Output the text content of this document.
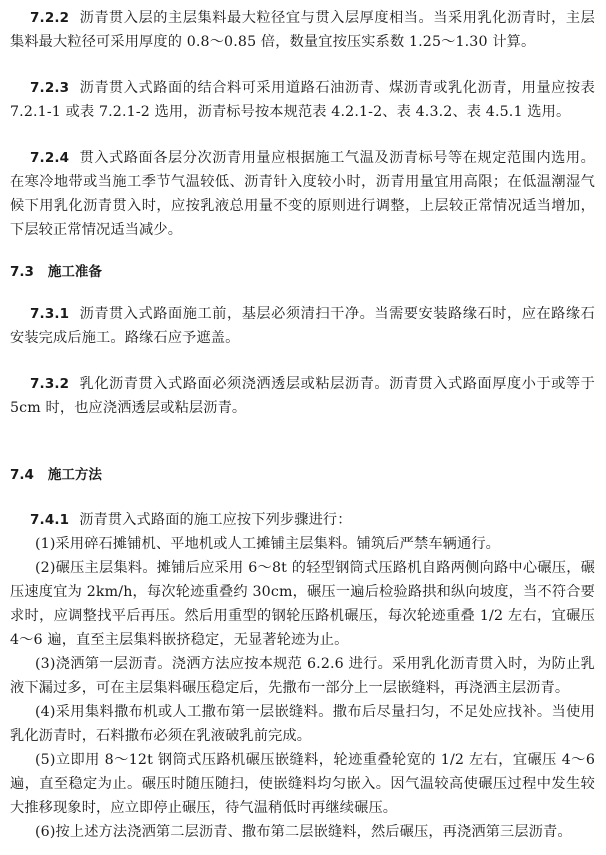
7.2.2 沥青贯入层的主层集料最大粒径宜与贯入层厚度相当。当采用乳化沥青时，主层集料最大粒径可采用厚度的 0.8～0.85 倍，数量宜按压实系数 1.25～1.30 计算。
7.2.3 沥青贯入式路面的结合料可采用道路石油沥青、煤沥青或乳化沥青，用量应按表 7.2.1-1 或表 7.2.1-2 选用，沥青标号按本规范表 4.2.1-2、表 4.3.2、表 4.5.1 选用。
7.2.4 贯入式路面各层分次沥青用量应根据施工气温及沥青标号等在规定范围内选用。在寒冷地带或当施工季节气温较低、沥青针入度较小时，沥青用量宜用高限；在低温潮湿气候下用乳化沥青贯入时，应按乳液总用量不变的原则进行调整，上层较正常情况适当增加，下层较正常情况适当减少。
7.3 施工准备
7.3.1 沥青贯入式路面施工前，基层必须清扫干净。当需要安装路缘石时，应在路缘石安装完成后施工。路缘石应予遮盖。
7.3.2 乳化沥青贯入式路面必须浇洒透层或粘层沥青。沥青贯入式路面厚度小于或等于 5cm 时，也应浇洒透层或粘层沥青。
7.4 施工方法
7.4.1 沥青贯入式路面的施工应按下列步骤进行：
(1)采用碎石摊铺机、平地机或人工摊铺主层集料。铺筑后严禁车辆通行。
(2)碾压主层集料。摊铺后应采用 6～8t 的轻型钢筒式压路机自路两侧向路中心碾压，碾压速度宜为 2km/h，每次轮迹重叠约 30cm，碾压一遍后检验路拱和纵向坡度，当不符合要求时，应调整找平后再压。然后用重型的钢轮压路机碾压，每次轮迹重叠 1/2 左右，宜碾压 4～6 遍，直至主层集料嵌挤稳定，无显著轮迹为止。
(3)浇洒第一层沥青。浇洒方法应按本规范 6.2.6 进行。采用乳化沥青贯入时，为防止乳液下漏过多，可在主层集料碾压稳定后，先撒布一部分上一层嵌缝料，再浇洒主层沥青。
(4)采用集料撒布机或人工撒布第一层嵌缝料。撒布后尽量扫匀，不足处应找补。当使用乳化沥青时，石料撒布必须在乳液破乳前完成。
(5)立即用 8～12t 钢筒式压路机碾压嵌缝料，轮迹重叠轮宽的 1/2 左右，宜碾压 4～6 遍，直至稳定为止。碾压时随压随扫，使嵌缝料均匀嵌入。因气温较高使碾压过程中发生较大推移现象时，应立即停止碾压，待气温稍低时再继续碾压。
(6)按上述方法浇洒第二层沥青、撒布第二层嵌缝料，然后碾压，再浇洒第三层沥青。
